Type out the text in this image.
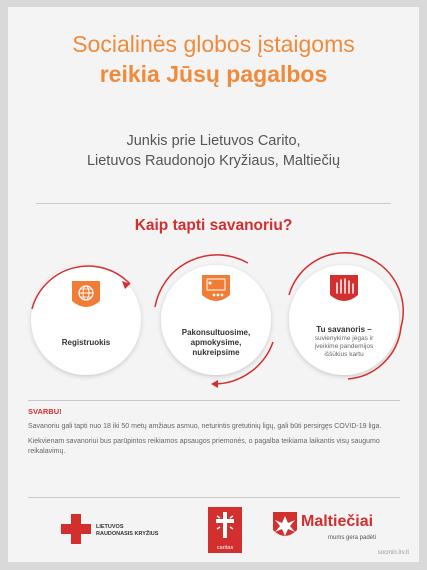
Socialinės globos įstaigoms
reikia Jūsų pagalbos
Junkis prie Lietuvos Carito,
Lietuvos Raudonojo Kryžiaus, Maltiečių
Kaip tapti savanoriu?
Registruokis
Pakonsultuosime,
apmokysime,
nukreipsime
Tu savanoris –
suvienykime jėgas ir
įveikime pandemijos
iššūkius kartu
SVARBU!

Savanoriu gali tapti nuo 18 iki 50 metų amžiaus asmuo, neturintis gretutinių ligų, gali būti persirgęs COVID-19 liga.

Kiekvienam savanoriui bus parūpintos reikiamos apsaugos priemonės, o pagalba teikiama laikantis visų saugumo reikalavimų.

LIETUVOS
RAUDONASIS KRYŽIUS
caritas
Maltiečiai
mums gera padėti
socmin.lrv.lt
